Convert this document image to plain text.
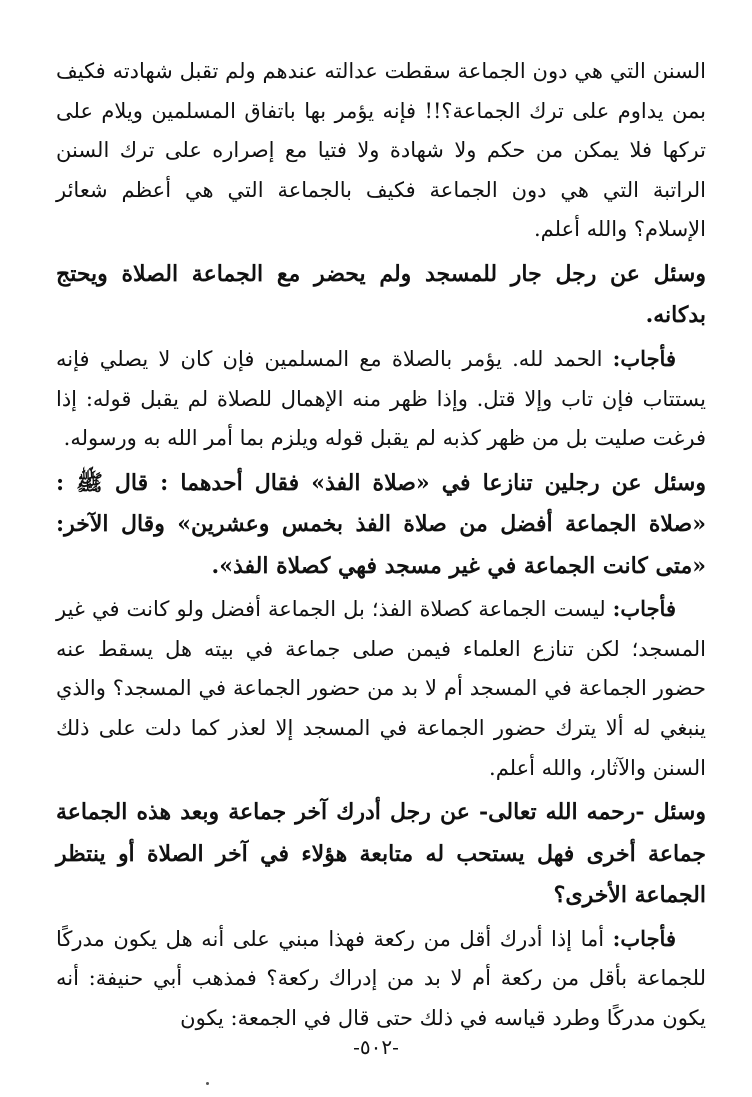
السنن التي هي دون الجماعة سقطت عدالته عندهم ولم تقبل شهادته فكيف بمن يداوم على ترك الجماعة؟!! فإنه يؤمر بها باتفاق المسلمين ويلام على تركها فلا يمكن من حكم ولا شهادة ولا فتيا مع إصراره على ترك السنن الراتبة التي هي دون الجماعة فكيف بالجماعة التي هي أعظم شعائر الإسلام؟ والله أعلم.

وسئل عن رجل جار للمسجد ولم يحضر مع الجماعة الصلاة ويحتج بدكانه.

فأجاب: الحمد لله. يؤمر بالصلاة مع المسلمين فإن كان لا يصلي فإنه يستتاب فإن تاب وإلا قتل. وإذا ظهر منه الإهمال للصلاة لم يقبل قوله: إذا فرغت صليت بل من ظهر كذبه لم يقبل قوله ويلزم بما أمر الله به ورسوله.

وسئل عن رجلين تنازعا في «صلاة الفذ» فقال أحدهما : قال ﷺ : «صلاة الجماعة أفضل من صلاة الفذ بخمس وعشرين» وقال الآخر: «متى كانت الجماعة في غير مسجد فهي كصلاة الفذ».

فأجاب: ليست الجماعة كصلاة الفذ؛ بل الجماعة أفضل ولو كانت في غير المسجد؛ لكن تنازع العلماء فيمن صلى جماعة في بيته هل يسقط عنه حضور الجماعة في المسجد أم لا بد من حضور الجماعة في المسجد؟ والذي ينبغي له ألا يترك حضور الجماعة في المسجد إلا لعذر كما دلت على ذلك السنن والآثار، والله أعلم.

وسئل -رحمه الله تعالى- عن رجل أدرك آخر جماعة وبعد هذه الجماعة جماعة أخرى فهل يستحب له متابعة هؤلاء في آخر الصلاة أو ينتظر الجماعة الأخرى؟

فأجاب: أما إذا أدرك أقل من ركعة فهذا مبني على أنه هل يكون مدركًا للجماعة بأقل من ركعة أم لا بد من إدراك ركعة؟ فمذهب أبي حنيفة: أنه يكون مدركًا وطرد قياسه في ذلك حتى قال في الجمعة: يكون

-٥٠٢-
